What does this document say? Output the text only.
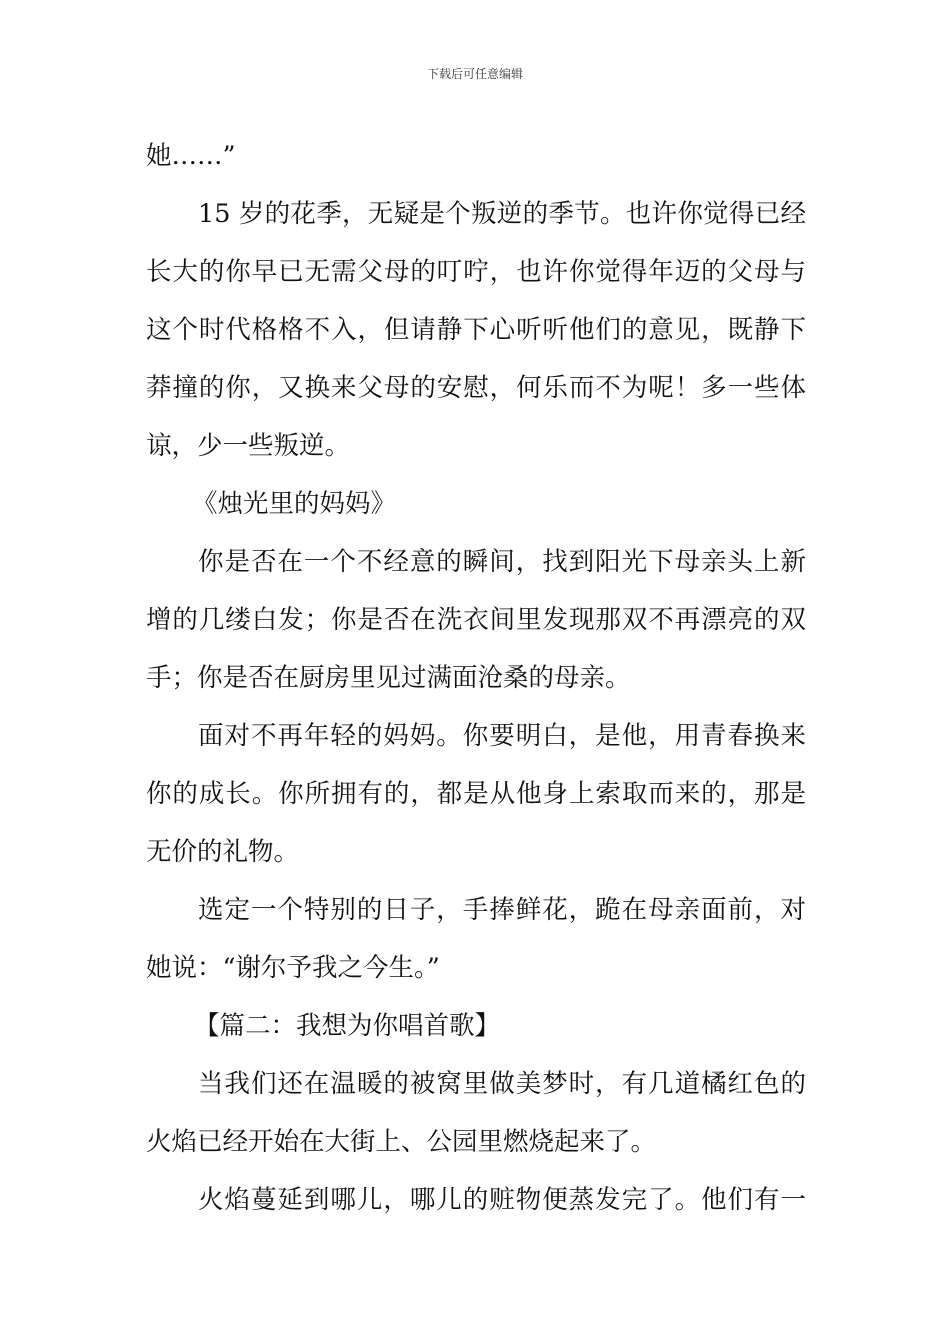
下载后可任意编辑
她……”
15 岁的花季，无疑是个叛逆的季节。也许你觉得已经
长大的你早已无需父母的叮咛，也许你觉得年迈的父母与
这个时代格格不入，但请静下心听听他们的意见，既静下
莽撞的你，又换来父母的安慰，何乐而不为呢！多一些体
谅，少一些叛逆。
《烛光里的妈妈》
你是否在一个不经意的瞬间，找到阳光下母亲头上新
增的几缕白发；你是否在洗衣间里发现那双不再漂亮的双
手；你是否在厨房里见过满面沧桑的母亲。
面对不再年轻的妈妈。你要明白，是他，用青春换来
你的成长。你所拥有的，都是从他身上索取而来的，那是
无价的礼物。
选定一个特别的日子，手捧鲜花，跪在母亲面前，对
她说：“谢尔予我之今生。”
【篇二：我想为你唱首歌】
当我们还在温暖的被窝里做美梦时，有几道橘红色的
火焰已经开始在大街上、公园里燃烧起来了。
火焰蔓延到哪儿，哪儿的赃物便蒸发完了。他们有一
